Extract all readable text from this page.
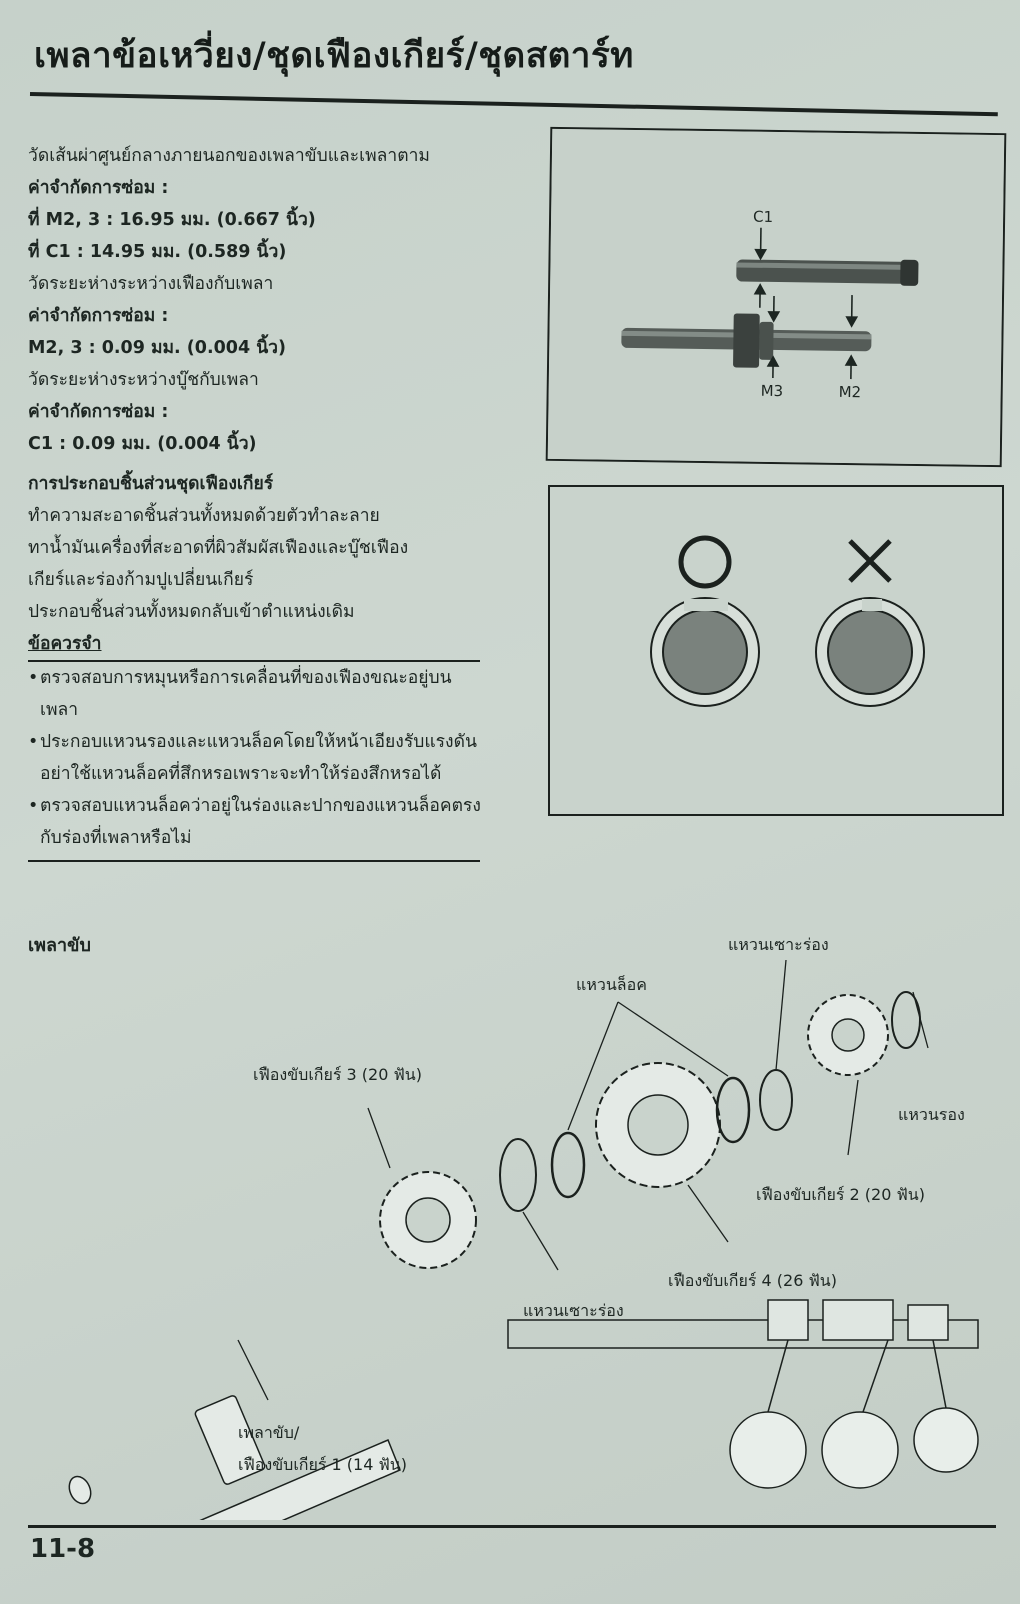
เพลาข้อเหวี่ยง/ชุดเฟืองเกียร์/ชุดสตาร์ท
วัดเส้นผ่าศูนย์กลางภายนอกของเพลาขับและเพลาตาม
ค่าจำกัดการซ่อม :
ที่ M2, 3 : 16.95 มม. (0.667 นิ้ว)
ที่ C1 : 14.95 มม. (0.589 นิ้ว)
วัดระยะห่างระหว่างเฟืองกับเพลา
ค่าจำกัดการซ่อม :
M2, 3 : 0.09 มม. (0.004 นิ้ว)
วัดระยะห่างระหว่างบู๊ชกับเพลา
ค่าจำกัดการซ่อม :
C1 : 0.09 มม. (0.004 นิ้ว)
การประกอบชิ้นส่วนชุดเฟืองเกียร์
ทำความสะอาดชิ้นส่วนทั้งหมดด้วยตัวทำละลาย
ทาน้ำมันเครื่องที่สะอาดที่ผิวสัมผัสเฟืองและบู๊ชเฟือง
เกียร์และร่องก้ามปูเปลี่ยนเกียร์
ประกอบชิ้นส่วนทั้งหมดกลับเข้าตำแหน่งเดิม
ข้อควรจำ
• ตรวจสอบการหมุนหรือการเคลื่อนที่ของเฟืองขณะอยู่บนเพลา
• ประกอบแหวนรองและแหวนล็อคโดยให้หน้าเอียงรับแรงดัน อย่าใช้แหวนล็อคที่สึกหรอเพราะจะทำให้ร่องสึกหรอได้
• ตรวจสอบแหวนล็อคว่าอยู่ในร่องและปากของแหวนล็อคตรงกับร่องที่เพลาหรือไม่
C1
M3	M2
เพลาขับ
เฟืองขับเกียร์ 3 (20 ฟัน)
แหวนล็อค
แหวนเซาะร่อง
แหวนรอง
เฟืองขับเกียร์ 2 (20 ฟัน)
เฟืองขับเกียร์ 4 (26 ฟัน)
แหวนเซาะร่อง
เพลาขับ/
เฟืองขับเกียร์ 1 (14 ฟัน)
11-8
